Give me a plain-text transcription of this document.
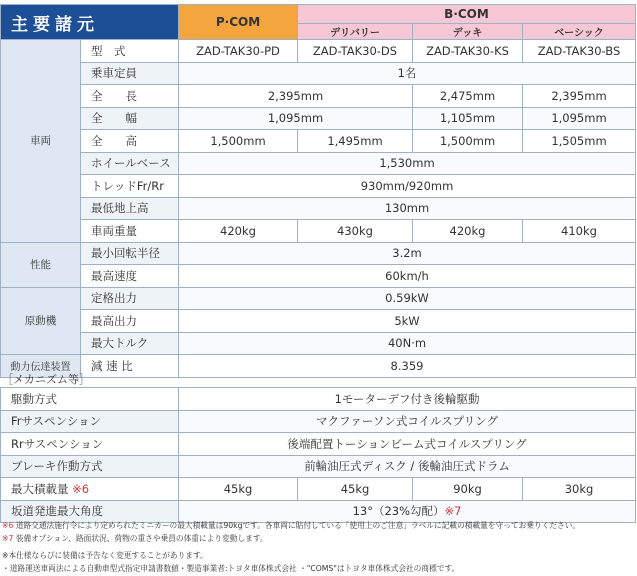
主要諸元		P·COM	B·COM		
			デリバリー	デッキ	ベーシック
車両	型　式	ZAD-TAK30-PD	ZAD-TAK30-DS	ZAD-TAK30-KS	ZAD-TAK30-BS
	乗車定員	1名			
	全　　長	2,395mm		2,475mm	2,395mm
	全　　幅	1,095mm		1,105mm	1,095mm
	全　　高	1,500mm	1,495mm	1,500mm	1,505mm
	ホイールベース	1,530mm			
	トレッドFr/Rr	930mm/920mm			
	最低地上高	130mm			
	車両重量	420kg	430kg	420kg	410kg
性能	最小回転半径	3.2m			
	最高速度	60km/h			
原動機	定格出力	0.59kW			
	最高出力	5kW			
	最大トルク	40N·m			
動力伝達装置	減 速 比	8.359			
［メカニズム等］
駆動方式	1モーターデフ付き後輪駆動			
Frサスペンション	マクファーソン式コイルスプリング			
Rrサスペンション	後端配置トーションビーム式コイルスプリング			
ブレーキ作動方式	前輪油圧式ディスク / 後輪油圧式ドラム			
最大積載量 ※6	45kg	45kg	90kg	30kg
坂道発進最大角度	13°（23%勾配）※7			
※6 道路交通法施行令により定められたミニカーの最大積載量は90kgです。各車両に貼付している「使用上のご注意」ラベルに記載の積載量を守ってお乗りください。
※7 装備オプション、路面状況、荷物の重さや乗員の体重により変動します。
※本仕様ならびに装備は予告なく変更することがあります。
・道路運送車両法による自動車型式指定申請書数値・製造事業者:トヨタ車体株式会社 ・"COMS"はトヨタ車体株式会社の商標です。
